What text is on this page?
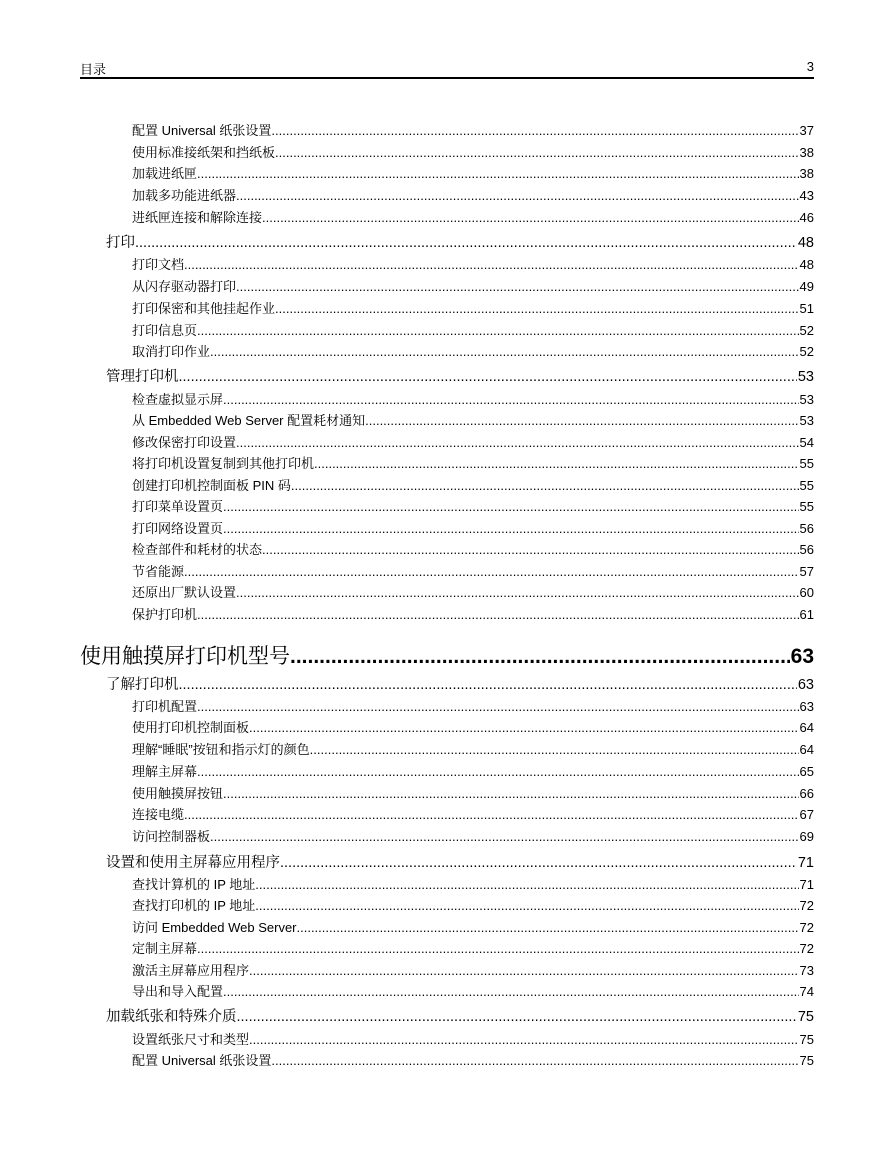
目录	3
配置 Universal 纸张设置 .....	37
使用标准接纸架和挡纸板 .....	38
加载进纸匣 .....	38
加载多功能进纸器 .....	43
进纸匣连接和解除连接 .....	46
打印 .....	48
打印文档 .....	48
从闪存驱动器打印 .....	49
打印保密和其他挂起作业 .....	51
打印信息页 .....	52
取消打印作业 .....	52
管理打印机 .....	53
检查虚拟显示屏 .....	53
从 Embedded Web Server 配置耗材通知 .....	53
修改保密打印设置 .....	54
将打印机设置复制到其他打印机 .....	55
创建打印机控制面板 PIN 码 .....	55
打印菜单设置页 .....	55
打印网络设置页 .....	56
检查部件和耗材的状态 .....	56
节省能源 .....	57
还原出厂默认设置 .....	60
保护打印机 .....	61
使用触摸屏打印机型号 .....	63
了解打印机 .....	63
打印机配置 .....	63
使用打印机控制面板 .....	64
理解“睡眠”按钮和指示灯的颜色 .....	64
理解主屏幕 .....	65
使用触摸屏按钮 .....	66
连接电缆 .....	67
访问控制器板 .....	69
设置和使用主屏幕应用程序 .....	71
查找计算机的 IP 地址 .....	71
查找打印机的 IP 地址 .....	72
访问 Embedded Web Server .....	72
定制主屏幕 .....	72
激活主屏幕应用程序 .....	73
导出和导入配置 .....	74
加载纸张和特殊介质 .....	75
设置纸张尺寸和类型 .....	75
配置 Universal 纸张设置 .....	75
